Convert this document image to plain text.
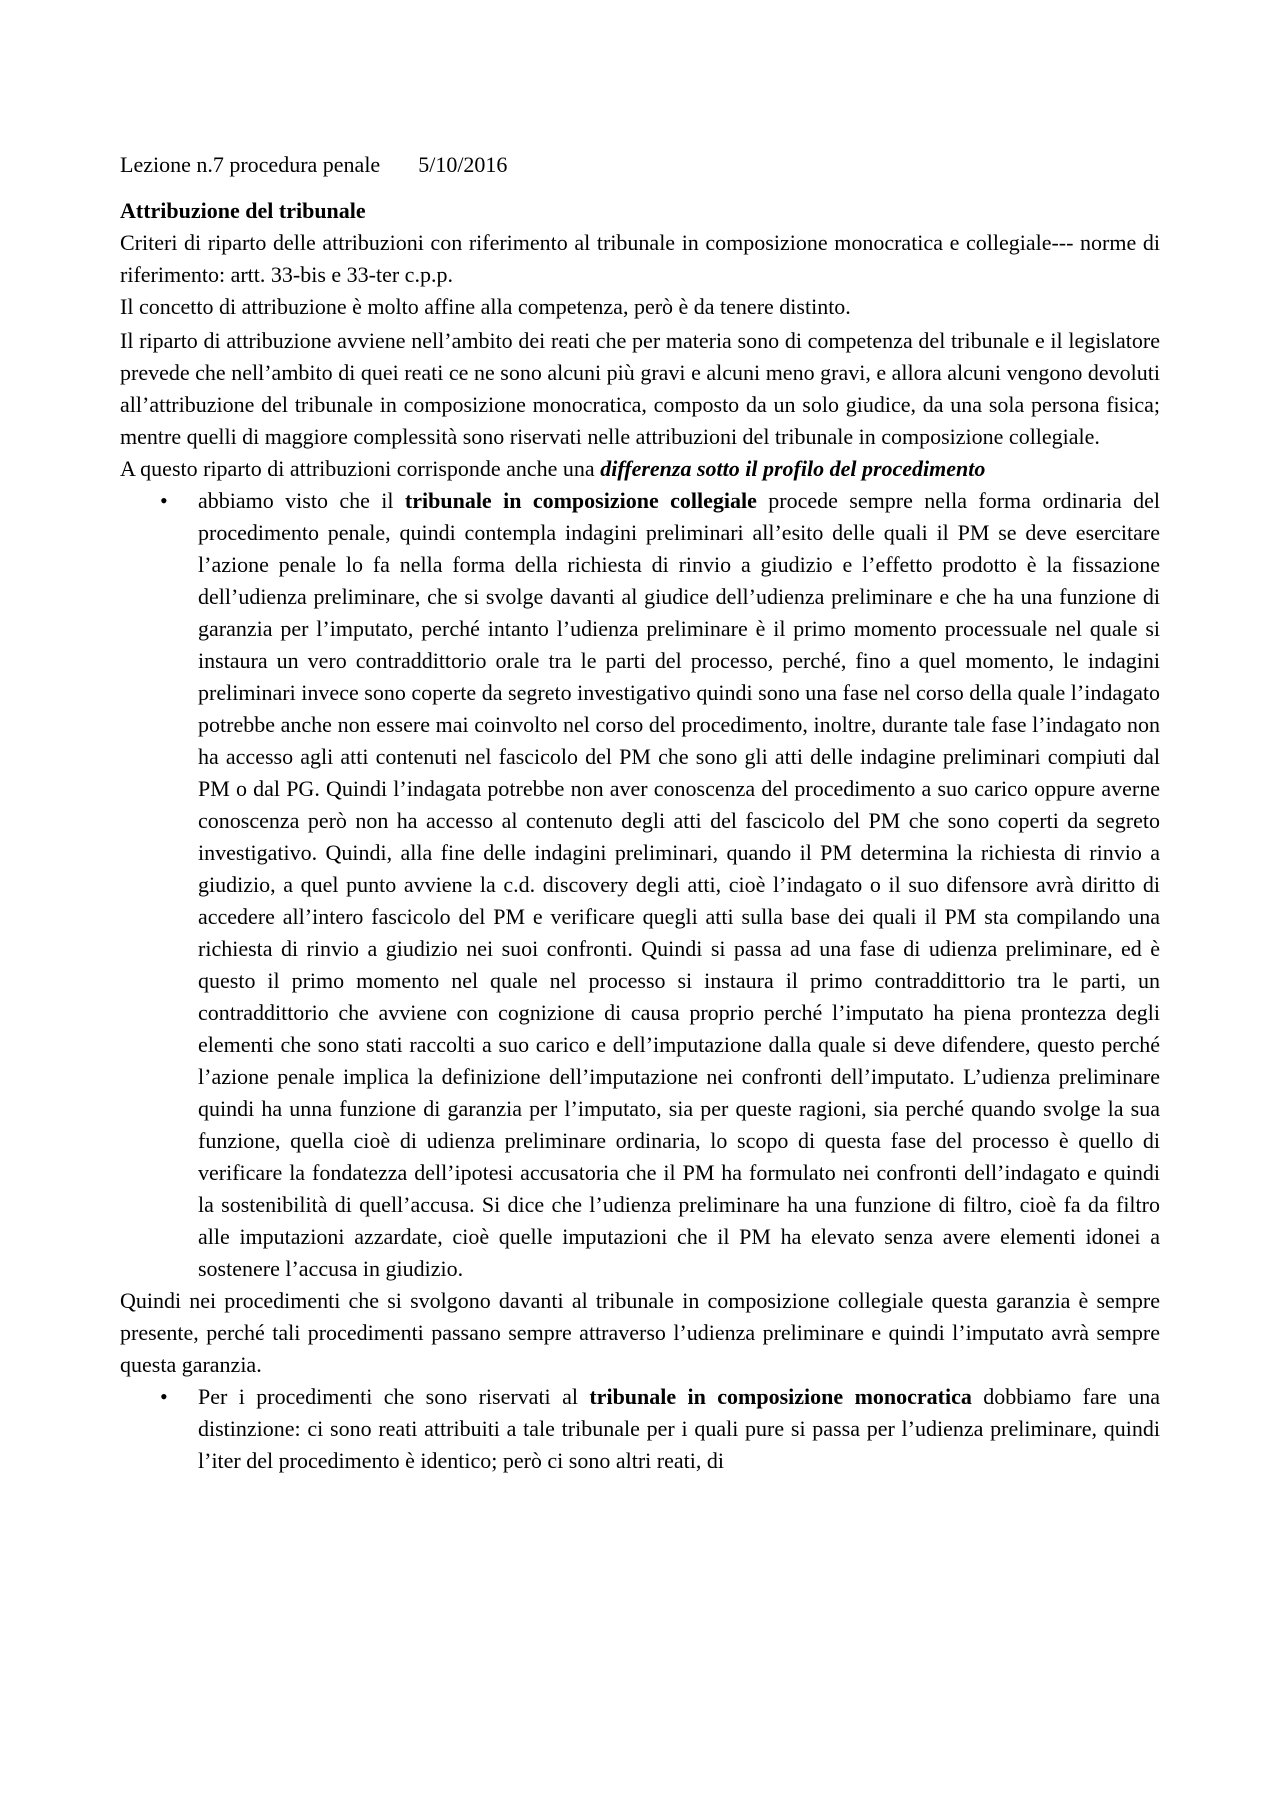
Lezione n.7 procedura penale 5/10/2016
Attribuzione del tribunale

Criteri di riparto delle attribuzioni con riferimento al tribunale in composizione monocratica e collegiale--- norme di riferimento: artt. 33-bis e 33-ter c.p.p.

Il concetto di attribuzione è molto affine alla competenza, però è da tenere distinto.

Il riparto di attribuzione avviene nell’ambito dei reati che per materia sono di competenza del tribunale e il legislatore prevede che nell’ambito di quei reati ce ne sono alcuni più gravi e alcuni meno gravi, e allora alcuni vengono devoluti all’attribuzione del tribunale in composizione monocratica, composto da un solo giudice, da una sola persona fisica; mentre quelli di maggiore complessità sono riservati nelle attribuzioni del tribunale in composizione collegiale.

A questo riparto di attribuzioni corrisponde anche una differenza sotto il profilo del procedimento

• abbiamo visto che il tribunale in composizione collegiale procede sempre nella forma ordinaria del procedimento penale, quindi contempla indagini preliminari all’esito delle quali il PM se deve esercitare l’azione penale lo fa nella forma della richiesta di rinvio a giudizio e l’effetto prodotto è la fissazione dell’udienza preliminare, che si svolge davanti al giudice dell’udienza preliminare e che ha una funzione di garanzia per l’imputato, perché intanto l’udienza preliminare è il primo momento processuale nel quale si instaura un vero contraddittorio orale tra le parti del processo, perché, fino a quel momento, le indagini preliminari invece sono coperte da segreto investigativo quindi sono una fase nel corso della quale l’indagato potrebbe anche non essere mai coinvolto nel corso del procedimento, inoltre, durante tale fase l’indagato non ha accesso agli atti contenuti nel fascicolo del PM che sono gli atti delle indagine preliminari compiuti dal PM o dal PG. Quindi l’indagata potrebbe non aver conoscenza del procedimento a suo carico oppure averne conoscenza però non ha accesso al contenuto degli atti del fascicolo del PM che sono coperti da segreto investigativo. Quindi, alla fine delle indagini preliminari, quando il PM determina la richiesta di rinvio a giudizio, a quel punto avviene la c.d. discovery degli atti, cioè l’indagato o il suo difensore avrà diritto di accedere all’intero fascicolo del PM e verificare quegli atti sulla base dei quali il PM sta compilando una richiesta di rinvio a giudizio nei suoi confronti. Quindi si passa ad una fase di udienza preliminare, ed è questo il primo momento nel quale nel processo si instaura il primo contraddittorio tra le parti, un contraddittorio che avviene con cognizione di causa proprio perché l’imputato ha piena prontezza degli elementi che sono stati raccolti a suo carico e dell’imputazione dalla quale si deve difendere, questo perché l’azione penale implica la definizione dell’imputazione nei confronti dell’imputato. L’udienza preliminare quindi ha unna funzione di garanzia per l’imputato, sia per queste ragioni, sia perché quando svolge la sua funzione, quella cioè di udienza preliminare ordinaria, lo scopo di questa fase del processo è quello di verificare la fondatezza dell’ipotesi accusatoria che il PM ha formulato nei confronti dell’indagato e quindi la sostenibilità di quell’accusa. Si dice che l’udienza preliminare ha una funzione di filtro, cioè fa da filtro alle imputazioni azzardate, cioè quelle imputazioni che il PM ha elevato senza avere elementi idonei a sostenere l’accusa in giudizio.

Quindi nei procedimenti che si svolgono davanti al tribunale in composizione collegiale questa garanzia è sempre presente, perché tali procedimenti passano sempre attraverso l’udienza preliminare e quindi l’imputato avrà sempre questa garanzia.

• Per i procedimenti che sono riservati al tribunale in composizione monocratica dobbiamo fare una distinzione: ci sono reati attribuiti a tale tribunale per i quali pure si passa per l’udienza preliminare, quindi l’iter del procedimento è identico; però ci sono altri reati, di
